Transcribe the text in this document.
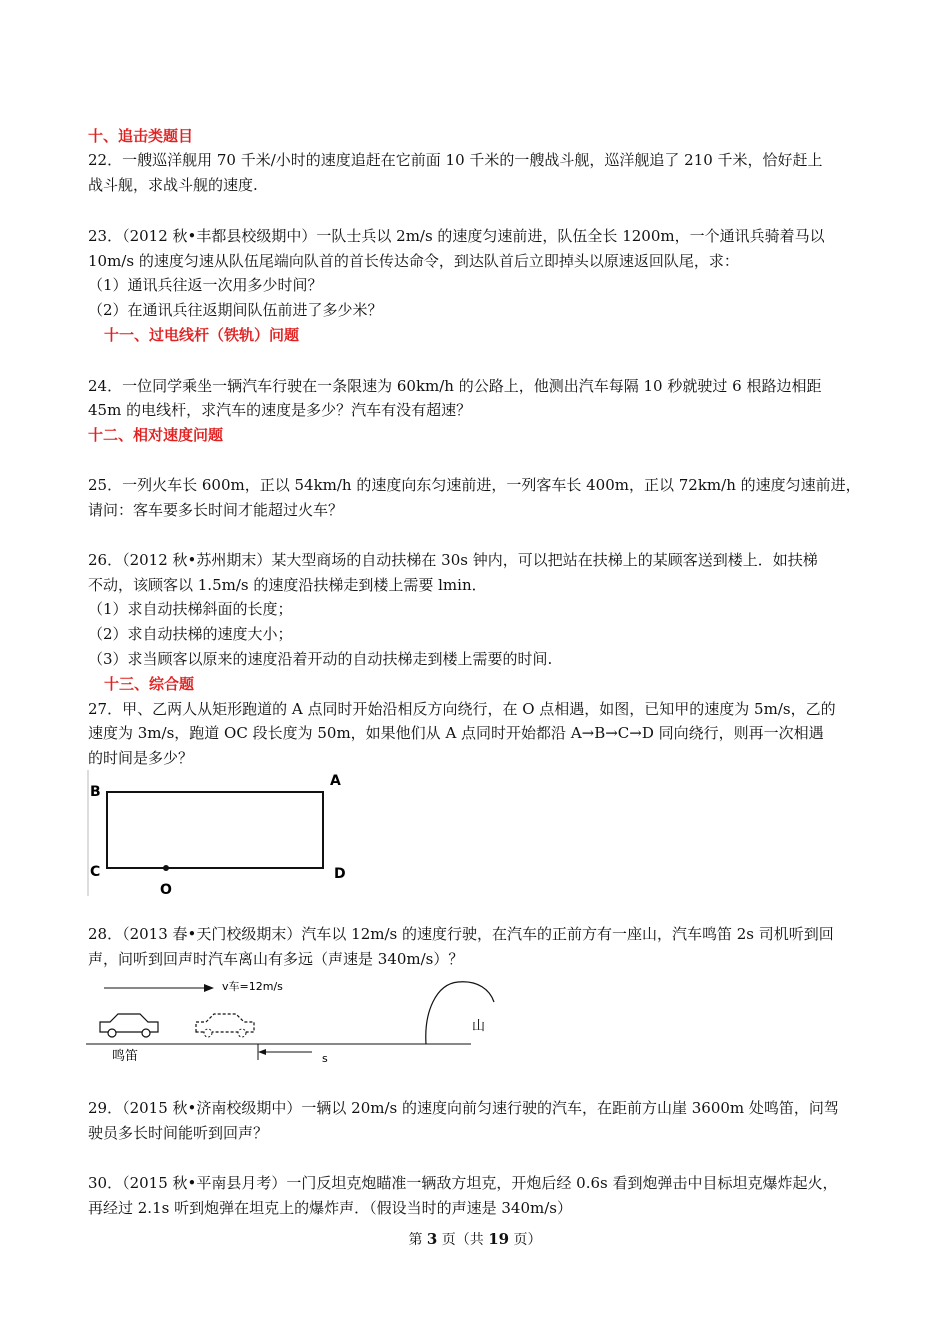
十、追击类题目
22．一艘巡洋舰用 70 千米/小时的速度追赶在它前面 10 千米的一艘战斗舰，巡洋舰追了 210 千米，恰好赶上
战斗舰，求战斗舰的速度.
23．（2012 秋•丰都县校级期中）一队士兵以 2m/s 的速度匀速前进，队伍全长 1200m，一个通讯兵骑着马以
10m/s 的速度匀速从队伍尾端向队首的首长传达命令，到达队首后立即掉头以原速返回队尾，求：
（1）通讯兵往返一次用多少时间？
（2）在通讯兵往返期间队伍前进了多少米？
十一、过电线杆（铁轨）问题
24．一位同学乘坐一辆汽车行驶在一条限速为 60km/h 的公路上，他测出汽车每隔 10 秒就驶过 6 根路边相距
45m 的电线杆，求汽车的速度是多少？汽车有没有超速？
十二、相对速度问题
25．一列火车长 600m，正以 54km/h 的速度向东匀速前进，一列客车长 400m，正以 72km/h 的速度匀速前进，
请问：客车要多长时间才能超过火车？
26．（2012 秋•苏州期末）某大型商场的自动扶梯在 30s 钟内，可以把站在扶梯上的某顾客送到楼上．如扶梯
不动，该顾客以 1.5m/s 的速度沿扶梯走到楼上需要 lmin．
（1）求自动扶梯斜面的长度；
（2）求自动扶梯的速度大小；
（3）求当顾客以原来的速度沿着开动的自动扶梯走到楼上需要的时间.
十三、综合题
27．甲、乙两人从矩形跑道的 A 点同时开始沿相反方向绕行，在 O 点相遇，如图，已知甲的速度为 5m/s，乙的
速度为 3m/s，跑道 OC 段长度为 50m，如果他们从 A 点同时开始都沿 A→B→C→D 同向绕行，则再一次相遇
的时间是多少？
B
A
C	D
O
28．（2013 春•天门校级期末）汽车以 12m/s 的速度行驶，在汽车的正前方有一座山，汽车鸣笛 2s 司机听到回
声，问听到回声时汽车离山有多远（声速是 340m/s）？
v车=12m/s
山
鸣笛	s
29．（2015 秋•济南校级期中）一辆以 20m/s 的速度向前匀速行驶的汽车，在距前方山崖 3600m 处鸣笛，问驾
驶员多长时间能听到回声？
30．（2015 秋•平南县月考）一门反坦克炮瞄准一辆敌方坦克，开炮后经 0.6s 看到炮弹击中目标坦克爆炸起火，
再经过 2.1s 听到炮弹在坦克上的爆炸声．（假设当时的声速是 340m/s）
第 3 页（共 19 页）
